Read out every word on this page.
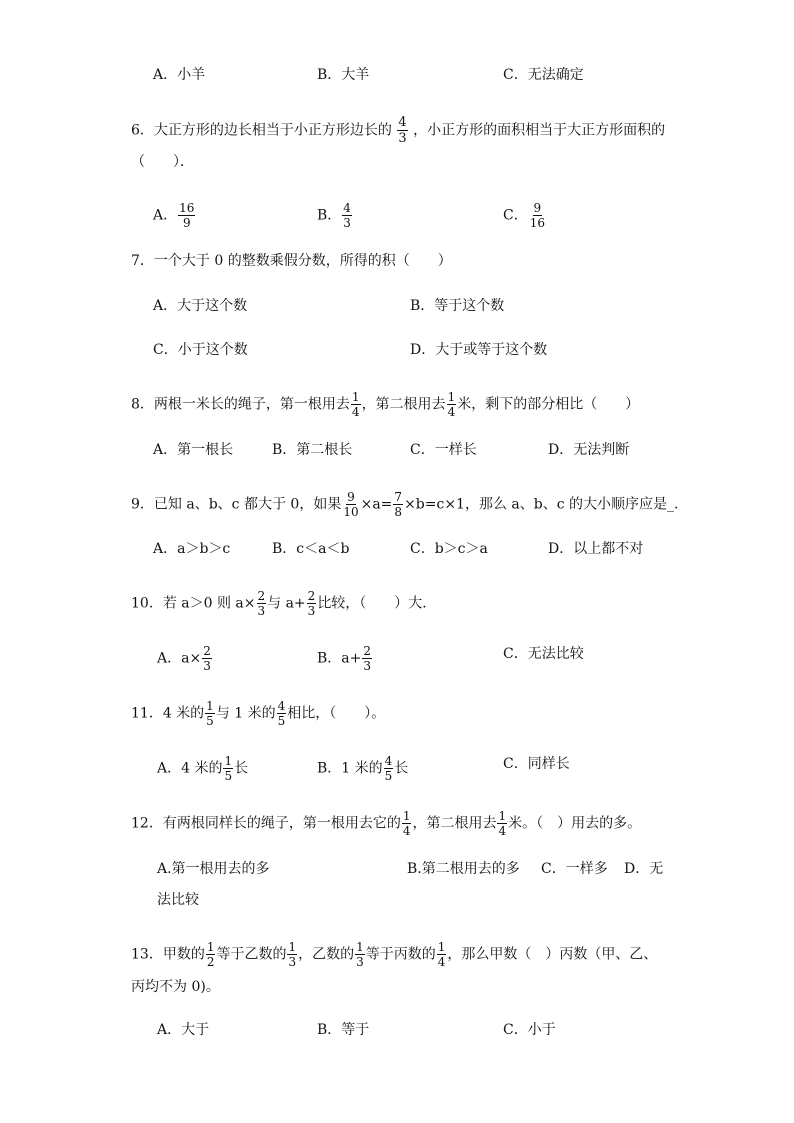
A．小羊	B．大羊	C．无法确定
6．大正方形的边长相当于小正方形边长的 $\frac{4}{3}$ ，小正方形的面积相当于大正方形面积的
（　　）．
A． $\frac{16}{9}$	B． $\frac{4}{3}$	C． $\frac{9}{16}$
7．一个大于 0 的整数乘假分数，所得的积（　　）
A．大于这个数	B．等于这个数
C．小于这个数	D．大于或等于这个数
8．两根一米长的绳子，第一根用去 $\frac{1}{4}$ ，第二根用去 $\frac{1}{4}$ 米，剩下的部分相比（　　）
A．第一根长	B．第二根长	C．一样长	D．无法判断
9．已知 a、b、c 都大于 0，如果 $\frac{9}{10} \times a= \frac{7}{8} \times b=c\times 1$，那么 a、b、c 的大小顺序应是_.
A．a＞b＞c	B．c＜a＜b	C．b＞c＞a	D．以上都不对
10．若 a＞0 则 $a\times \frac{2}{3}$ 与 $a+ \frac{2}{3}$ 比较，（　　）大．
A．$a\times \frac{2}{3}$	B．$a+ \frac{2}{3}$	C．无法比较
11．4 米的 $\frac{1}{5}$ 与 1 米的 $\frac{4}{5}$ 相比，（　　）。
A．4 米的 $\frac{1}{5}$ 长	B．1 米的 $\frac{4}{5}$ 长	C．同样长
12．有两根同样长的绳子，第一根用去它的 $\frac{1}{4}$ ，第二根用去 $\frac{1}{4}$ 米。（　）用去的多。
A.第一根用去的多	B.第二根用去的多 C．一样多 D．无
法比较
13．甲数的 $\frac{1}{2}$ 等于乙数的 $\frac{1}{3}$ ，乙数的 $\frac{1}{3}$ 等于丙数的 $\frac{1}{4}$ ，那么甲数（　）丙数（甲、乙、
丙均不为 0)。
A．大于	B．等于	C．小于
